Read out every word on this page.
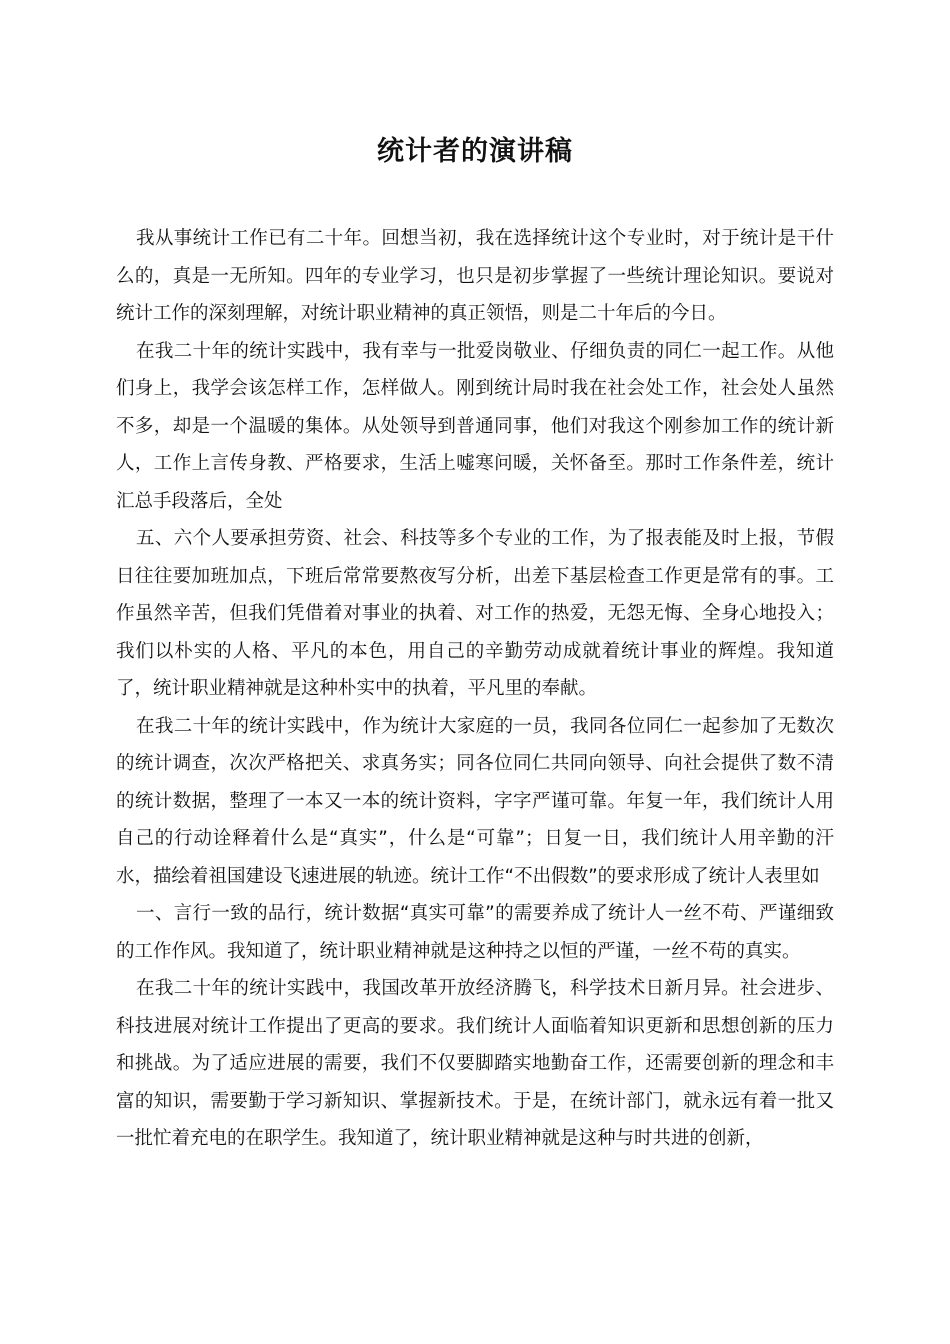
统计者的演讲稿

我从事统计工作已有二十年。回想当初，我在选择统计这个专业时，对于统计是干什么的，真是一无所知。四年的专业学习，也只是初步掌握了一些统计理论知识。要说对统计工作的深刻理解，对统计职业精神的真正领悟，则是二十年后的今日。

在我二十年的统计实践中，我有幸与一批爱岗敬业、仔细负责的同仁一起工作。从他们身上，我学会该怎样工作，怎样做人。刚到统计局时我在社会处工作，社会处人虽然不多，却是一个温暖的集体。从处领导到普通同事，他们对我这个刚参加工作的统计新人，工作上言传身教、严格要求，生活上嘘寒问暖，关怀备至。那时工作条件差，统计汇总手段落后，全处

五、六个人要承担劳资、社会、科技等多个专业的工作，为了报表能及时上报，节假日往往要加班加点，下班后常常要熬夜写分析，出差下基层检查工作更是常有的事。工作虽然辛苦，但我们凭借着对事业的执着、对工作的热爱，无怨无悔、全身心地投入；我们以朴实的人格、平凡的本色，用自己的辛勤劳动成就着统计事业的辉煌。我知道了，统计职业精神就是这种朴实中的执着，平凡里的奉献。

在我二十年的统计实践中，作为统计大家庭的一员，我同各位同仁一起参加了无数次的统计调查，次次严格把关、求真务实；同各位同仁共同向领导、向社会提供了数不清的统计数据，整理了一本又一本的统计资料，字字严谨可靠。年复一年，我们统计人用自己的行动诠释着什么是“真实”，什么是“可靠”；日复一日，我们统计人用辛勤的汗水，描绘着祖国建设飞速进展的轨迹。统计工作“不出假数”的要求形成了统计人表里如

一、言行一致的品行，统计数据“真实可靠”的需要养成了统计人一丝不苟、严谨细致的工作作风。我知道了，统计职业精神就是这种持之以恒的严谨，一丝不苟的真实。

在我二十年的统计实践中，我国改革开放经济腾飞，科学技术日新月异。社会进步、科技进展对统计工作提出了更高的要求。我们统计人面临着知识更新和思想创新的压力和挑战。为了适应进展的需要，我们不仅要脚踏实地勤奋工作，还需要创新的理念和丰富的知识，需要勤于学习新知识、掌握新技术。于是，在统计部门，就永远有着一批又一批忙着充电的在职学生。我知道了，统计职业精神就是这种与时共进的创新，
